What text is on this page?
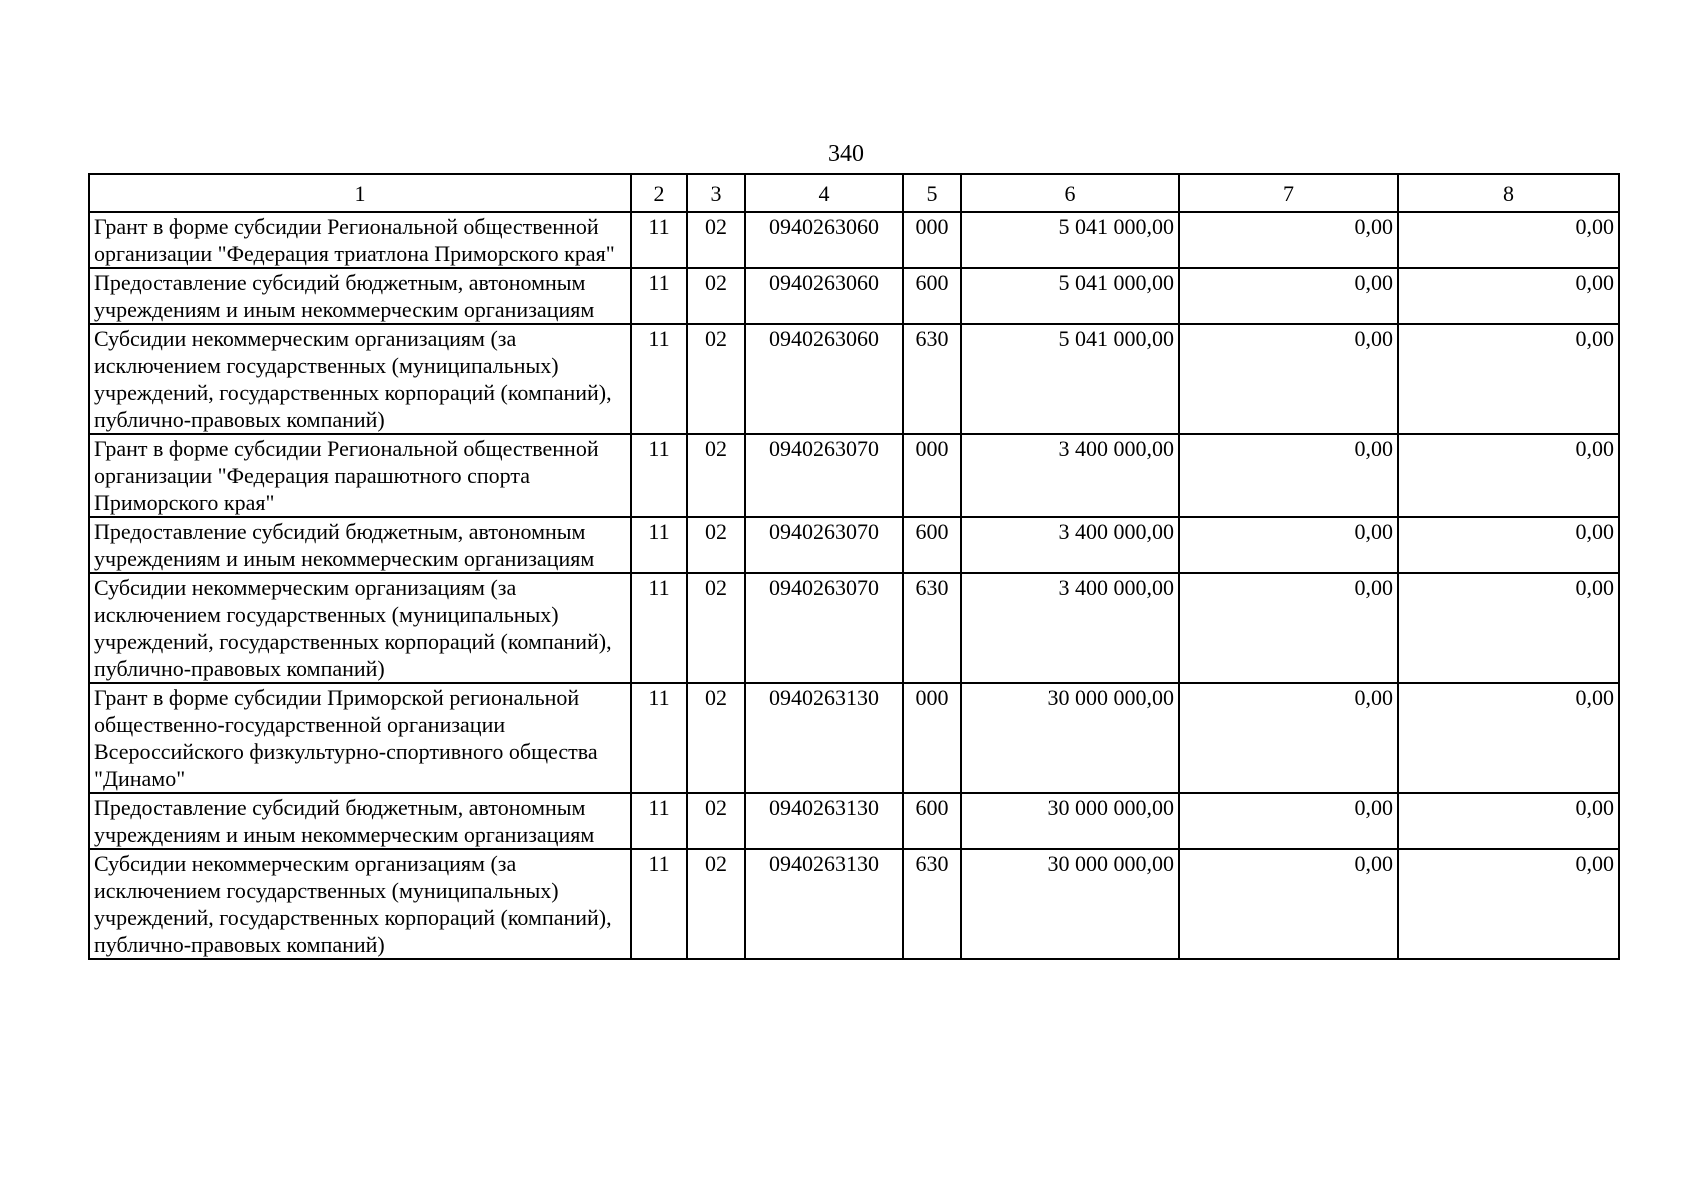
340
1	2	3	4	5	6	7	8
Грант в форме субсидии Региональной общественной организации "Федерация триатлона Приморского края"	11	02	0940263060	000	5 041 000,00	0,00	0,00
Предоставление субсидий бюджетным, автономным учреждениям и иным некоммерческим организациям	11	02	0940263060	600	5 041 000,00	0,00	0,00
Субсидии некоммерческим организациям (за исключением государственных (муниципальных) учреждений, государственных корпораций (компаний), публично-правовых компаний)	11	02	0940263060	630	5 041 000,00	0,00	0,00
Грант в форме субсидии Региональной общественной организации "Федерация парашютного спорта Приморского края"	11	02	0940263070	000	3 400 000,00	0,00	0,00
Предоставление субсидий бюджетным, автономным учреждениям и иным некоммерческим организациям	11	02	0940263070	600	3 400 000,00	0,00	0,00
Субсидии некоммерческим организациям (за исключением государственных (муниципальных) учреждений, государственных корпораций (компаний), публично-правовых компаний)	11	02	0940263070	630	3 400 000,00	0,00	0,00
Грант в форме субсидии Приморской региональной общественно-государственной организации Всероссийского физкультурно-спортивного общества "Динамо"	11	02	0940263130	000	30 000 000,00	0,00	0,00
Предоставление субсидий бюджетным, автономным учреждениям и иным некоммерческим организациям	11	02	0940263130	600	30 000 000,00	0,00	0,00
Субсидии некоммерческим организациям (за исключением государственных (муниципальных) учреждений, государственных корпораций (компаний), публично-правовых компаний)	11	02	0940263130	630	30 000 000,00	0,00	0,00
